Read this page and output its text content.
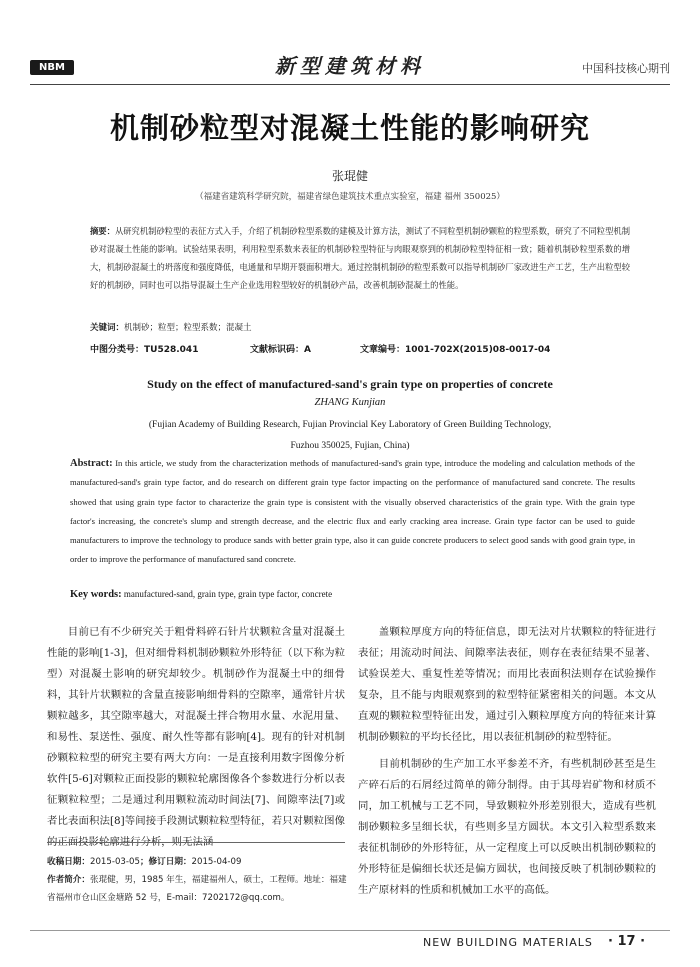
NBM	新型建筑材料	中国科技核心期刊
机制砂粒型对混凝土性能的影响研究
张琨健
（福建省建筑科学研究院，福建省绿色建筑技术重点实验室，福建 福州 350025）
摘要：从研究机制砂粒型的表征方式入手，介绍了机制砂粒型系数的建模及计算方法，测试了不同粒型机制砂颗粒的粒型系数，研究了不同粒型机制砂对混凝土性能的影响。试验结果表明，利用粒型系数来表征的机制砂粒型特征与肉眼观察到的机制砂粒型特征相一致；随着机制砂粒型系数的增大，机制砂混凝土的坍落度和强度降低，电通量和早期开裂面积增大。通过控制机制砂的粒型系数可以指导机制砂厂家改进生产工艺，生产出粒型较好的机制砂，同时也可以指导混凝土生产企业选用粒型较好的机制砂产品，改善机制砂混凝土的性能。
关键词：机制砂；粒型；粒型系数；混凝土
中图分类号：TU528.041	文献标识码：A	文章编号：1001-702X(2015)08-0017-04
Study on the effect of manufactured-sand's grain type on properties of concrete
ZHANG Kunjian
(Fujian Academy of Building Research, Fujian Provincial Key Laboratory of Green Building Technology,
Fuzhou 350025, Fujian, China)
Abstract: In this article, we study from the characterization methods of manufactured-sand's grain type, introduce the modeling and calculation methods of the manufactured-sand's grain type factor, and do research on different grain type factor impacting on the performance of manufactured sand concrete. The results showed that using grain type factor to characterize the grain type is consistent with the visually observed characteristics of the grain type. With the grain type factor's increasing, the concrete's slump and strength decrease, and the electric flux and early cracking area increase. Grain type factor can be used to guide manufacturers to improve the technology to produce sands with better grain type, also it can guide concrete producers to select good sands with good grain type, in order to improve the performance of manufactured sand concrete.
Key words: manufactured-sand, grain type, grain type factor, concrete

目前已有不少研究关于粗骨料碎石针片状颗粒含量对混凝土性能的影响[1-3]，但对细骨料机制砂颗粒外形特征（以下称为粒型）对混凝土影响的研究却较少。机制砂作为混凝土中的细骨料，其针片状颗粒的含量直接影响细骨料的空隙率，通常针片状颗粒越多，其空隙率越大，对混凝土拌合物用水量、水泥用量、和易性、泵送性、强度、耐久性等都有影响[4]。现有的针对机制砂颗粒粒型的研究主要有两大方向：一是直接利用数字图像分析软件[5-6]对颗粒正面投影的颗粒轮廓图像各个参数进行分析以表征颗粒粒型；二是通过利用颗粒流动时间法[7]、间隙率法[7]或者比表面积法[8]等间接手段测试颗粒粒型特征，若只对颗粒图像的正面投影轮廓进行分析，则无法涵

盖颗粒厚度方向的特征信息，即无法对片状颗粒的特征进行表征；用流动时间法、间隙率法表征，则存在表征结果不显著、试验误差大、重复性差等情况；而用比表面积法则存在试验操作复杂，且不能与肉眼观察到的粒型特征紧密相关的问题。本文从直观的颗粒粒型特征出发，通过引入颗粒厚度方向的特征来计算机制砂颗粒的平均长径比，用以表征机制砂的粒型特征。

目前机制砂的生产加工水平参差不齐，有些机制砂甚至是生产碎石后的石屑经过简单的筛分制得。由于其母岩矿物和材质不同，加工机械与工艺不同，导致颗粒外形差别很大，造成有些机制砂颗粒多呈细长状，有些则多呈方圆状。本文引入粒型系数来表征机制砂的外形特征，从一定程度上可以反映出机制砂颗粒的外形特征是偏细长状还是偏方圆状，也间接反映了机制砂颗粒的生产原材料的性质和机械加工水平的高低。

收稿日期：2015-03-05；修订日期：2015-04-09
作者简介：张琨健，男，1985 年生，福建福州人，硕士，工程师。地址：福建省福州市仓山区金塘路 52 号，E-mail：7202172@qq.com。
NEW BUILDING MATERIALS · 17 ·
